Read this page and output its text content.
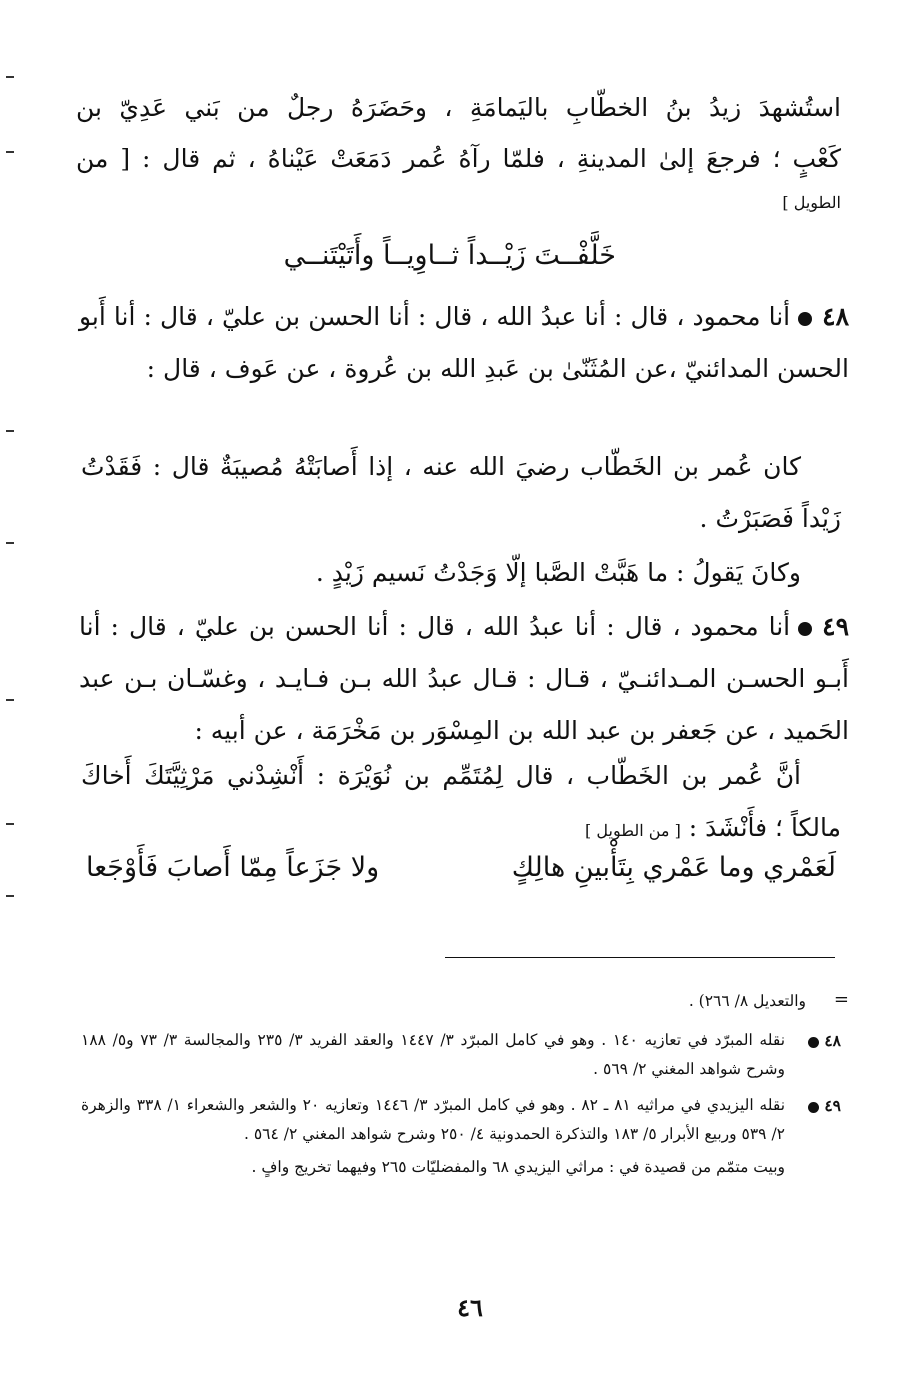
استُشهدَ زيدُ بنُ الخطّابِ باليَمامَةِ ، وحَضَرَهُ رجلٌ من بَني عَدِيّ بن
كَعْبٍ ؛ فرجعَ إلىٰ المدينةِ ، فلمّا رآهُ عُمر دَمَعَتْ عَيْناهُ ، ثم قال : [ من
الطويل ]
خَلَّفْــتَ زَيْــداً ثــاوِيــاً وأَتَيْتَنــي
٤٨أنا محمود ، قال : أنا عبدُ الله ، قال : أنا الحسن بن عليّ ، قال : أنا أَبو الحسن المدائنيّ ،عن المُثَنّىٰ بن عَبدِ الله بن عُروة ، عن عَوف ، قال :
كان عُمر بن الخَطّاب رضيَ الله عنه ، إذا أَصابَتْهُ مُصيبَةٌ قال : فَقَدْتُ زَيْداً فَصَبَرْتُ .
وكانَ يَقولُ : ما هَبَّتْ الصَّبا إلّا وَجَدْتُ نَسيم زَيْدٍ .
٤٩أنا محمود ، قال : أنا عبدُ الله ، قال : أنا الحسن بن عليّ ، قال : أنا أَبـو الحسـن المـدائنـيّ ، قـال : قـال عبدُ الله بـن فـايـد ، وغسّـان بـن عبد الحَميد ، عن جَعفر بن عبد الله بن المِسْوَر بن مَخْرَمَة ، عن أبيه :
أنَّ عُمر بن الخَطّاب ، قال لِمُتَمِّم بن نُوَيْرَة : أَنْشِدْني مَرْثِيَّتَكَ أَخاكَ مالكاً ؛ فأَنْشَدَ : [ من الطويل ]
لَعَمْري وما عَمْري بِتَأْبينِ هالِكٍ
ولا جَزَعاً مِمّا أَصابَ فَأَوْجَعا
=

والتعديل ٨/ ٢٦٦) .

٤٨
نقله المبرّد في تعازيه ١٤٠ . وهو في كامل المبرّد ٣/ ١٤٤٧ والعقد الفريد ٣/ ٢٣٥ والمجالسة ٣/ ٧٣ و٥/ ١٨٨ وشرح شواهد المغني ٢/ ٥٦٩ .
٤٩
نقله اليزيدي في مراثيه ٨١ ـ ٨٢ . وهو في كامل المبرّد ٣/ ١٤٤٦ وتعازيه ٢٠ والشعر والشعراء ١/ ٣٣٨ والزهرة ٢/ ٥٣٩ وربيع الأبرار ٥/ ١٨٣ والتذكرة الحمدونية ٤/ ٢٥٠ وشرح شواهد المغني ٢/ ٥٦٤ .
وبيت متمّم من قصيدة في : مراثي اليزيدي ٦٨ والمفضليّات ٢٦٥ وفيهما تخريج وافٍ .
٤٦
